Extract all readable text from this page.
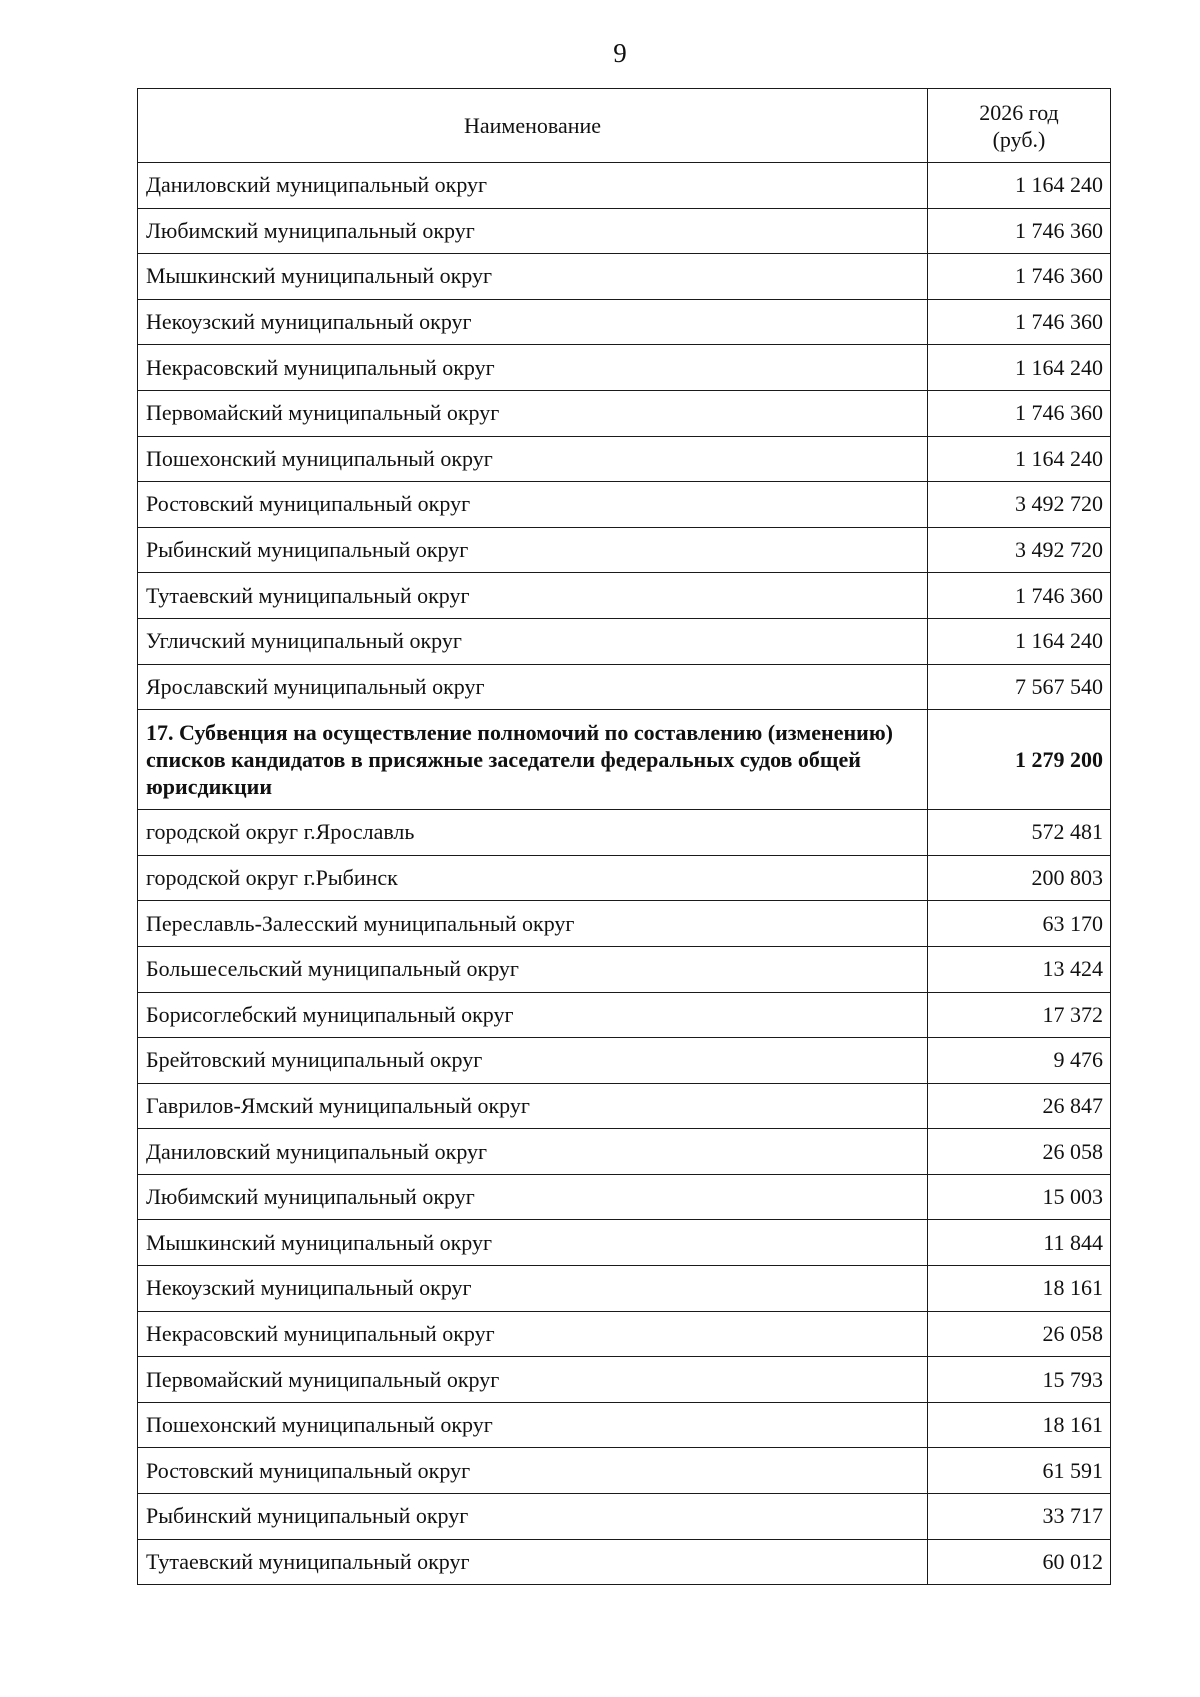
9
Наименование	2026 год
(руб.)

Даниловский муниципальный округ	1 164 240
Любимский муниципальный округ	1 746 360
Мышкинский муниципальный округ	1 746 360
Некоузский муниципальный округ	1 746 360
Некрасовский муниципальный округ	1 164 240
Первомайский муниципальный округ	1 746 360
Пошехонский муниципальный округ	1 164 240
Ростовский муниципальный округ	3 492 720
Рыбинский муниципальный округ	3 492 720
Тутаевский муниципальный округ	1 746 360
Угличский муниципальный округ	1 164 240
Ярославский муниципальный округ	7 567 540
17. Субвенция на осуществление полномочий по составлению (изменению) списков кандидатов в присяжные заседатели федеральных судов общей юрисдикции	1 279 200
городской округ г.Ярославль	572 481
городской округ г.Рыбинск	200 803
Переславль-Залесский муниципальный округ	63 170
Большесельский муниципальный округ	13 424
Борисоглебский муниципальный округ	17 372
Брейтовский муниципальный округ	9 476
Гаврилов-Ямский муниципальный округ	26 847
Даниловский муниципальный округ	26 058
Любимский муниципальный округ	15 003
Мышкинский муниципальный округ	11 844
Некоузский муниципальный округ	18 161
Некрасовский муниципальный округ	26 058
Первомайский муниципальный округ	15 793
Пошехонский муниципальный округ	18 161
Ростовский муниципальный округ	61 591
Рыбинский муниципальный округ	33 717
Тутаевский муниципальный округ	60 012
